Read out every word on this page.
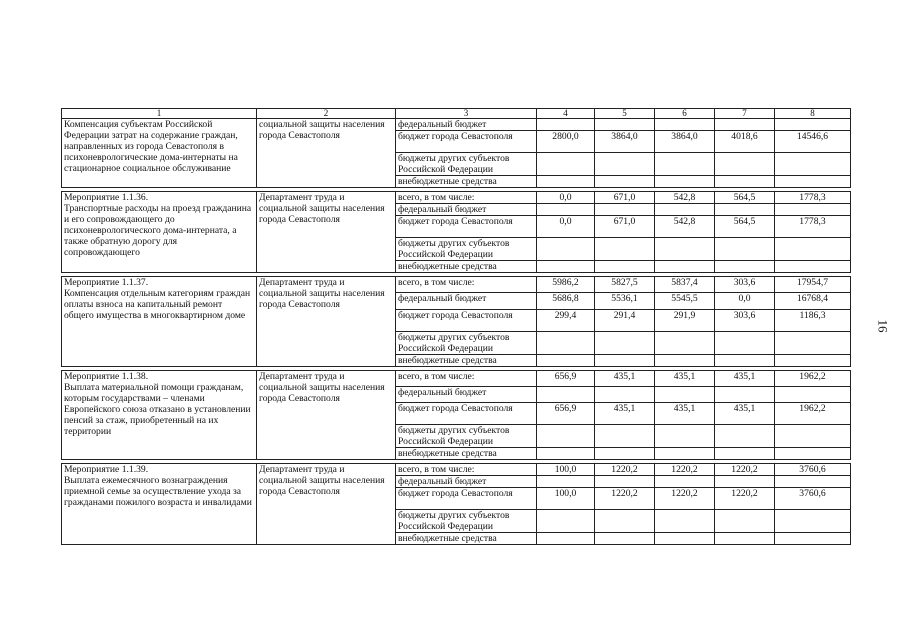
1	2	3	4	5	6	7	8
Компенсация субъектам Российской Федерации затрат на содержание граждан, направленных из города Севастополя в психоневрологические дома-интернаты на стационарное социальное обслуживание	социальной защиты населения города Севастополя	федеральный бюджет					
		бюджет города Севастополя	2800,0	3864,0	3864,0	4018,6	14546,6
		бюджеты других субъектов Российской Федерации					
		внебюджетные средства					

Мероприятие 1.1.36.
Транспортные расходы на проезд гражданина и его сопровождающего до психоневрологического дома-интерната, а также обратную дорогу для сопровождающего	Департамент труда и социальной защиты населения города Севастополя	всего, в том числе:	0,0	671,0	542,8	564,5	1778,3
		федеральный бюджет					
		бюджет города Севастополя	0,0	671,0	542,8	564,5	1778,3
		бюджеты других субъектов Российской Федерации					
		внебюджетные средства					

Мероприятие 1.1.37.
Компенсация отдельным категориям граждан оплаты взноса на капитальный ремонт общего имущества в многоквартирном доме	Департамент труда и социальной защиты населения города Севастополя	всего, в том числе:	5986,2	5827,5	5837,4	303,6	17954,7
		федеральный бюджет	5686,8	5536,1	5545,5	0,0	16768,4
		бюджет города Севастополя	299,4	291,4	291,9	303,6	1186,3
		бюджеты других субъектов Российской Федерации					
		внебюджетные средства					

Мероприятие 1.1.38.
Выплата материальной помощи гражданам, которым государствами – членами Европейского союза отказано в установлении пенсий за стаж, приобретенный на их территории	Департамент труда и социальной защиты населения города Севастополя	всего, в том числе:	656,9	435,1	435,1	435,1	1962,2
		федеральный бюджет					
		бюджет города Севастополя	656,9	435,1	435,1	435,1	1962,2
		бюджеты других субъектов Российской Федерации					
		внебюджетные средства					

Мероприятие 1.1.39.
Выплата ежемесячного вознаграждения приемной семье за осуществление ухода за гражданами пожилого возраста и инвалидами	Департамент труда и социальной защиты населения города Севастополя	всего, в том числе:	100,0	1220,2	1220,2	1220,2	3760,6
		федеральный бюджет					
		бюджет города Севастополя	100,0	1220,2	1220,2	1220,2	3760,6
		бюджеты других субъектов Российской Федерации					
		внебюджетные средства					
16
